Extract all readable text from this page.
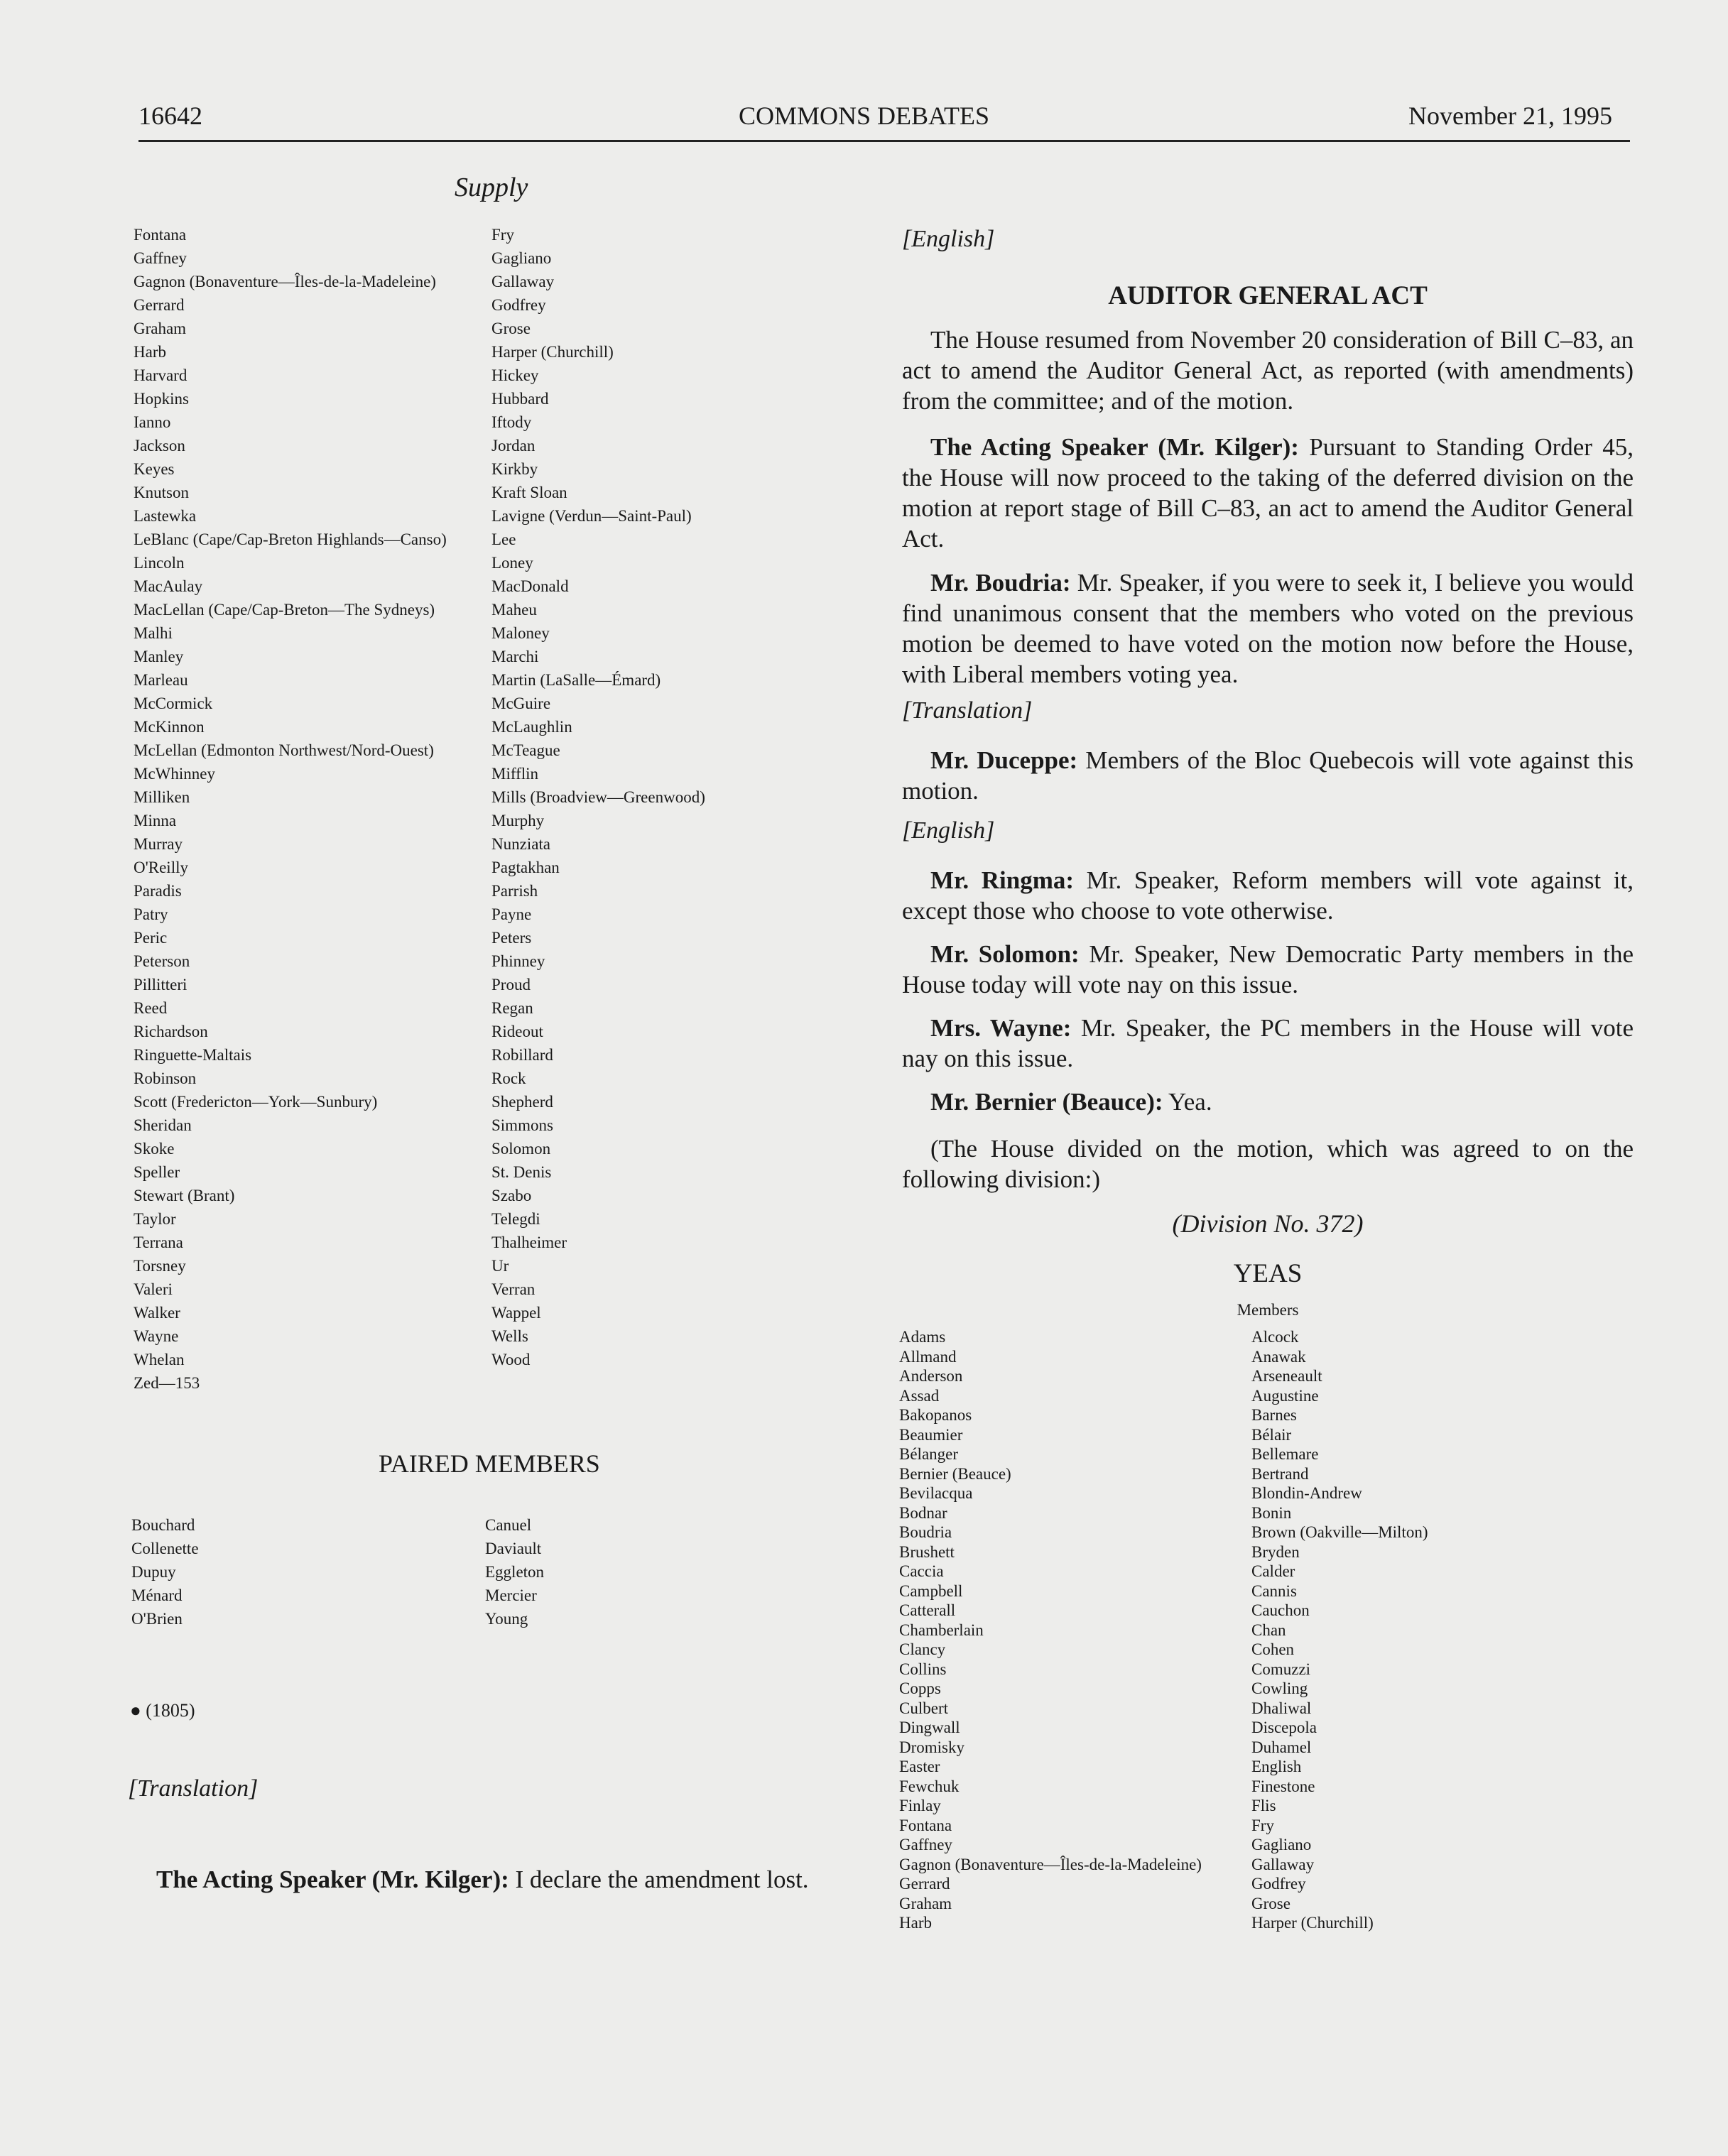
16642	COMMONS DEBATES	November 21, 1995
Supply
Fontana
Gaffney
Gagnon (Bonaventure—Îles-de-la-Madeleine)
Gerrard
Graham
Harb
Harvard
Hopkins
Ianno
Jackson
Keyes
Knutson
Lastewka
LeBlanc (Cape/Cap-Breton Highlands—Canso)
Lincoln
MacAulay
MacLellan (Cape/Cap-Breton—The Sydneys)
Malhi
Manley
Marleau
McCormick
McKinnon
McLellan (Edmonton Northwest/Nord-Ouest)
McWhinney
Milliken
Minna
Murray
O'Reilly
Paradis
Patry
Peric
Peterson
Pillitteri
Reed
Richardson
Ringuette-Maltais
Robinson
Scott (Fredericton—York—Sunbury)
Sheridan
Skoke
Speller
Stewart (Brant)
Taylor
Terrana
Torsney
Valeri
Walker
Wayne
Whelan
Zed—153
Fry
Gagliano
Gallaway
Godfrey
Grose
Harper (Churchill)
Hickey
Hubbard
Iftody
Jordan
Kirkby
Kraft Sloan
Lavigne (Verdun—Saint-Paul)
Lee
Loney
MacDonald
Maheu
Maloney
Marchi
Martin (LaSalle—Émard)
McGuire
McLaughlin
McTeague
Mifflin
Mills (Broadview—Greenwood)
Murphy
Nunziata
Pagtakhan
Parrish
Payne
Peters
Phinney
Proud
Regan
Rideout
Robillard
Rock
Shepherd
Simmons
Solomon
St. Denis
Szabo
Telegdi
Thalheimer
Ur
Verran
Wappel
Wells
Wood
PAIRED MEMBERS
Bouchard
Collenette
Dupuy
Ménard
O'Brien
Canuel
Daviault
Eggleton
Mercier
Young
● (1805)
[Translation]
The Acting Speaker (Mr. Kilger): I declare the amendment lost.
[English]
AUDITOR GENERAL ACT
The House resumed from November 20 consideration of Bill C–83, an act to amend the Auditor General Act, as reported (with amendments) from the committee; and of the motion.
The Acting Speaker (Mr. Kilger): Pursuant to Standing Order 45, the House will now proceed to the taking of the deferred division on the motion at report stage of Bill C–83, an act to amend the Auditor General Act.
Mr. Boudria: Mr. Speaker, if you were to seek it, I believe you would find unanimous consent that the members who voted on the previous motion be deemed to have voted on the motion now before the House, with Liberal members voting yea.
[Translation]
Mr. Duceppe: Members of the Bloc Quebecois will vote against this motion.
[English]
Mr. Ringma: Mr. Speaker, Reform members will vote against it, except those who choose to vote otherwise.
Mr. Solomon: Mr. Speaker, New Democratic Party members in the House today will vote nay on this issue.
Mrs. Wayne: Mr. Speaker, the PC members in the House will vote nay on this issue.
Mr. Bernier (Beauce): Yea.
(The House divided on the motion, which was agreed to on the following division:)
(Division No. 372)
YEAS
Members
Adams
Allmand
Anderson
Assad
Bakopanos
Beaumier
Bélanger
Bernier (Beauce)
Bevilacqua
Bodnar
Boudria
Brushett
Caccia
Campbell
Catterall
Chamberlain
Clancy
Collins
Copps
Culbert
Dingwall
Dromisky
Easter
Fewchuk
Finlay
Fontana
Gaffney
Gagnon (Bonaventure—Îles-de-la-Madeleine)
Gerrard
Graham
Harb
Alcock
Anawak
Arseneault
Augustine
Barnes
Bélair
Bellemare
Bertrand
Blondin-Andrew
Bonin
Brown (Oakville—Milton)
Bryden
Calder
Cannis
Cauchon
Chan
Cohen
Comuzzi
Cowling
Dhaliwal
Discepola
Duhamel
English
Finestone
Flis
Fry
Gagliano
Gallaway
Godfrey
Grose
Harper (Churchill)
